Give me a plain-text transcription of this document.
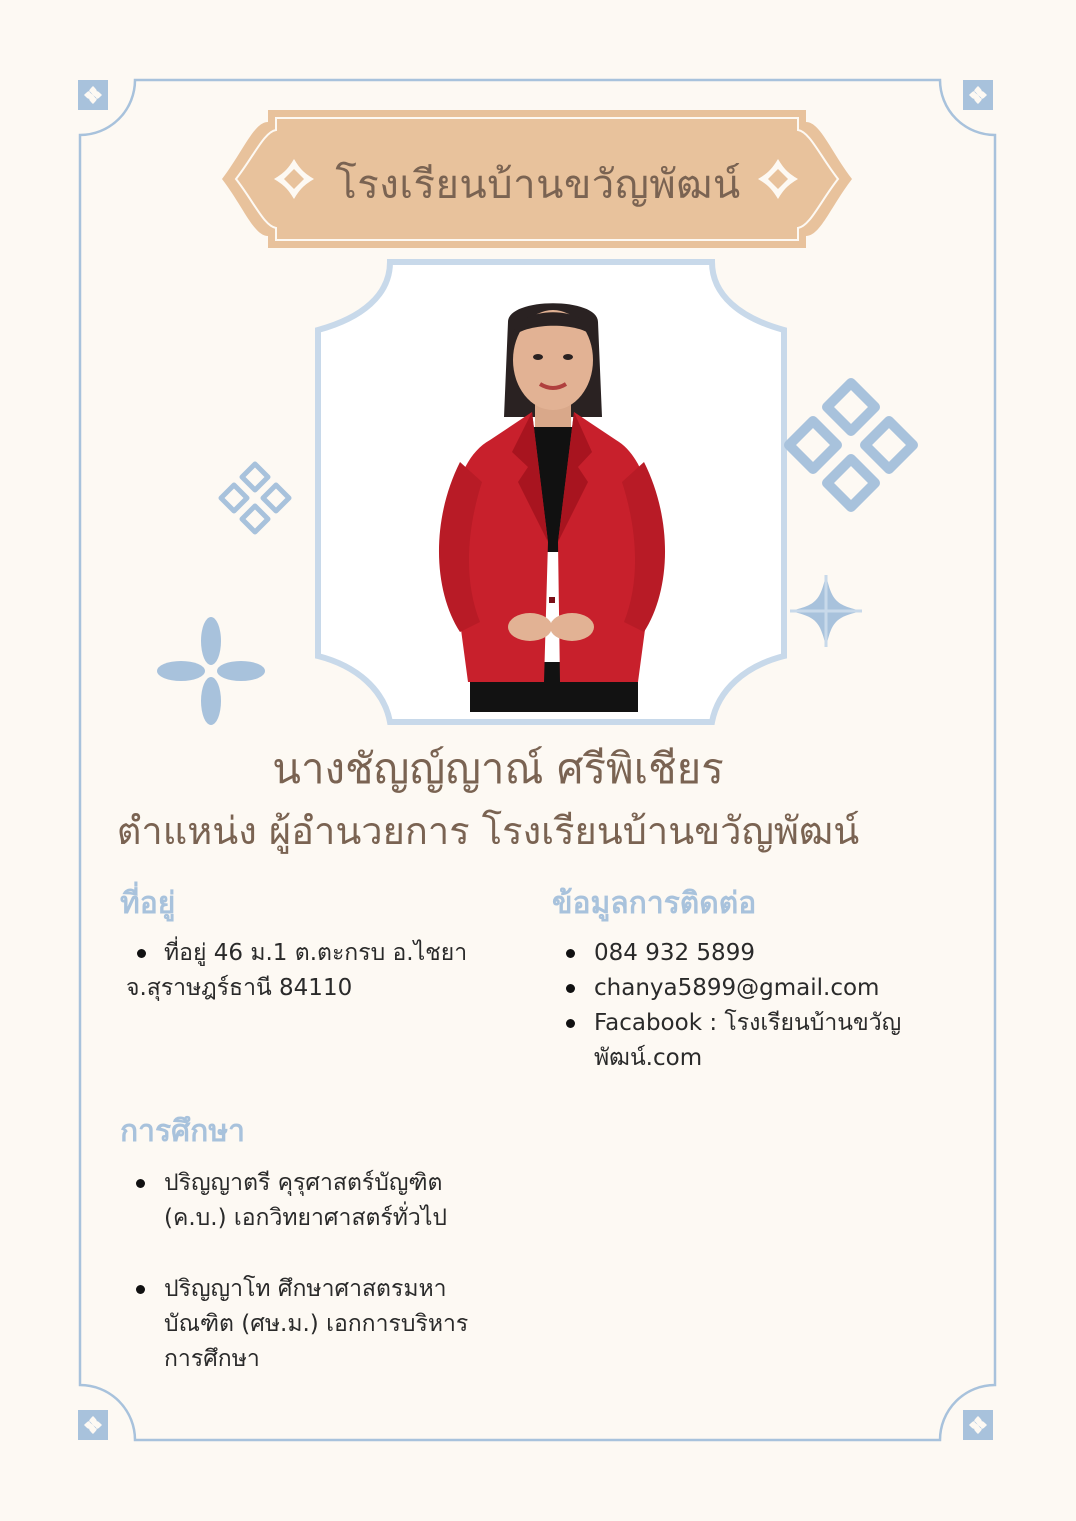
โรงเรียนบ้านขวัญพัฒน์
นางชัญญ์ญาณ์ ศรีพิเชียร
ตำแหน่ง ผู้อำนวยการ โรงเรียนบ้านขวัญพัฒน์
ที่อยู่
ที่อยู่ 46 ม.1 ต.ตะกรบ อ.ไชยา
จ.สุราษฎร์ธานี 84110
ข้อมูลการติดต่อ
084 932 5899
chanya5899@gmail.com
Facabook : โรงเรียนบ้านขวัญ
พัฒน์.com
การศึกษา
ปริญญาตรี คุรุศาสตร์บัญฑิต
(ค.บ.) เอกวิทยาศาสตร์ทั่วไป
ปริญญาโท ศึกษาศาสตรมหา
บัณฑิต (ศษ.ม.) เอกการบริหาร
การศึกษา
